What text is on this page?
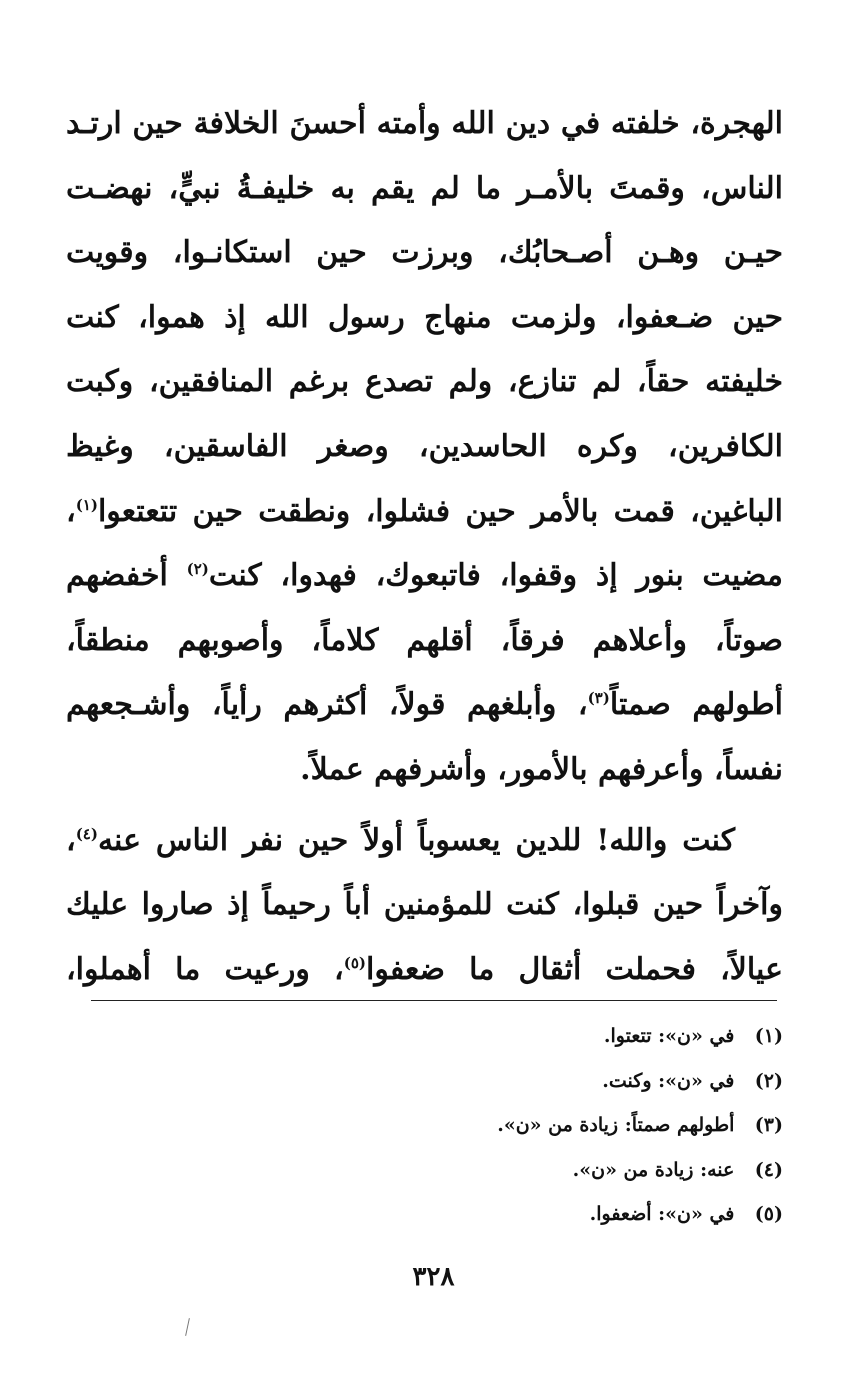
الهجرة، خلفته في دين الله وأمته أحسنَ الخلافة حين ارتـد
الناس، وقمتَ بالأمـر ما لم يقم به خليفـةُ نبيٍّ، نهضـت
حيـن وهـن أصـحابُك، وبرزت حين استكانـوا، وقويت
حين ضـعفوا، ولزمت منهاج رسول الله إذ هموا، كنت
خليفته حقاً، لم تنازع، ولم تصدع برغم المنافقين، وكبت
الكافرين، وكره الحاسدين، وصغر الفاسقين، وغيظ
الباغين، قمت بالأمر حين فشلوا، ونطقت حين تتعتعوا$^{(١)}$،
مضيت بنور إذ وقفوا، فاتبعوك، فهدوا، كنت$^{(٢)}$ أخفضهم
صوتاً، وأعلاهم فرقاً، أقلهم كلاماً، وأصوبهم منطقاً،
أطولهم صمتاً$^{(٣)}$، وأبلغهم قولاً، أكثرهم رأياً، وأشـجعهم
نفساً، وأعرفهم بالأمور، وأشرفهم عملاً.
كنت والله! للدين يعسوباً أولاً حين نفر الناس عنه$^{(٤)}$،
وآخراً حين قبلوا، كنت للمؤمنين أباً رحيماً إذ صاروا عليك
عيالاً، فحملت أثقال ما ضعفوا$^{(٥)}$، ورعيت ما أهملوا،
(١) في «ن»: تتعتوا.
(٢) في «ن»: وكنت.
(٣) أطولهم صمتاً: زيادة من «ن».
(٤) عنه: زيادة من «ن».
(٥) في «ن»: أضعفوا.
٣٢٨
